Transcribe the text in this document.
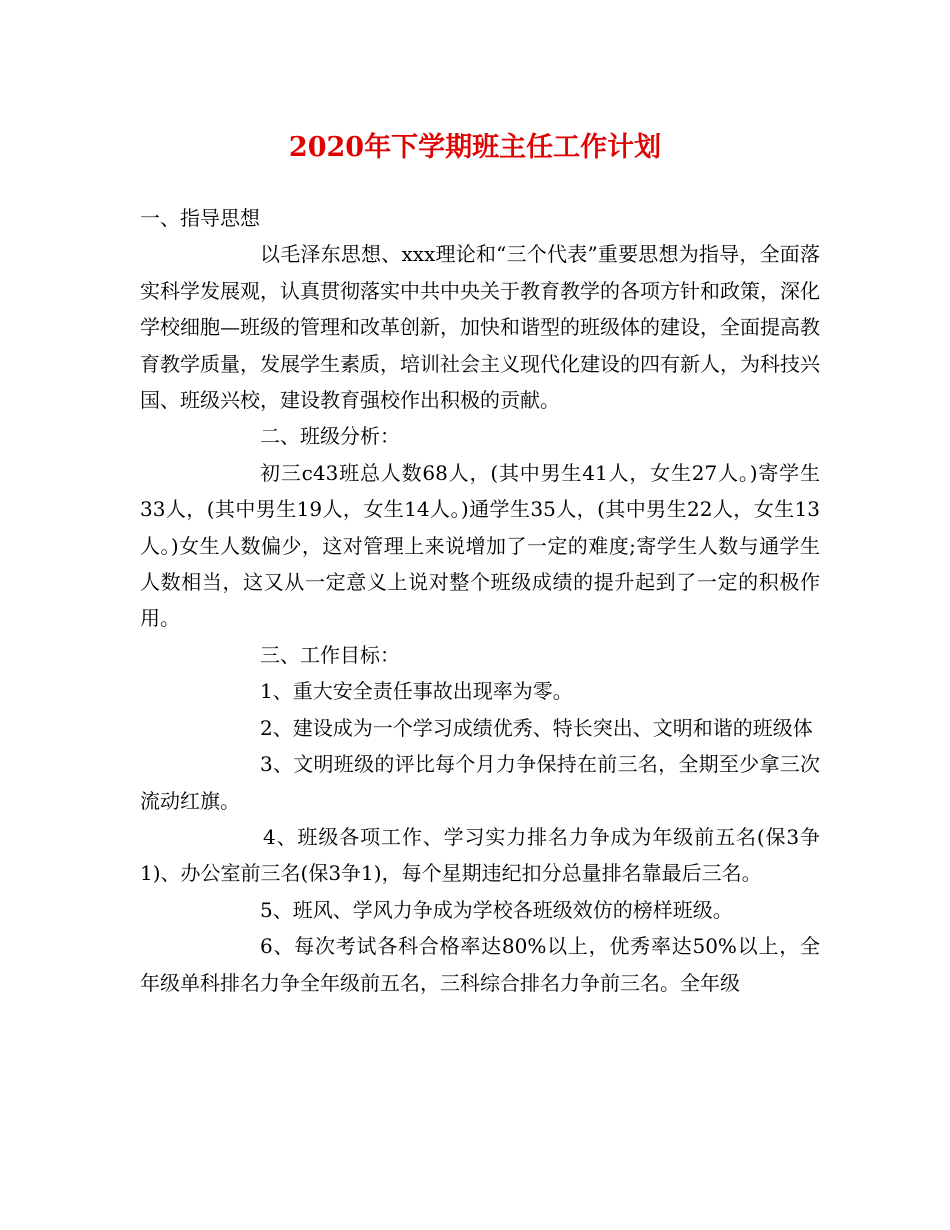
2020年下学期班主任工作计划

一、指导思想

以毛泽东思想、xxx理论和“三个代表”重要思想为指导，全面落实科学发展观，认真贯彻落实中共中央关于教育教学的各项方针和政策，深化学校细胞—班级的管理和改革创新，加快和谐型的班级体的建设，全面提高教育教学质量，发展学生素质，培训社会主义现代化建设的四有新人，为科技兴国、班级兴校，建设教育强校作出积极的贡献。

二、班级分析：

初三c43班总人数68人，(其中男生41人，女生27人。)寄学生33人，(其中男生19人，女生14人。)通学生35人，(其中男生22人，女生13人。)女生人数偏少，这对管理上来说增加了一定的难度;寄学生人数与通学生人数相当，这又从一定意义上说对整个班级成绩的提升起到了一定的积极作用。

三、工作目标：

1、重大安全责任事故出现率为零。

2、建设成为一个学习成绩优秀、特长突出、文明和谐的班级体

3、文明班级的评比每个月力争保持在前三名，全期至少拿三次流动红旗。

4、班级各项工作、学习实力排名力争成为年级前五名(保3争1)、办公室前三名(保3争1)，每个星期违纪扣分总量排名靠最后三名。

5、班风、学风力争成为学校各班级效仿的榜样班级。

6、每次考试各科合格率达80%以上，优秀率达50%以上，全年级单科排名力争全年级前五名，三科综合排名力争前三名。全年级
